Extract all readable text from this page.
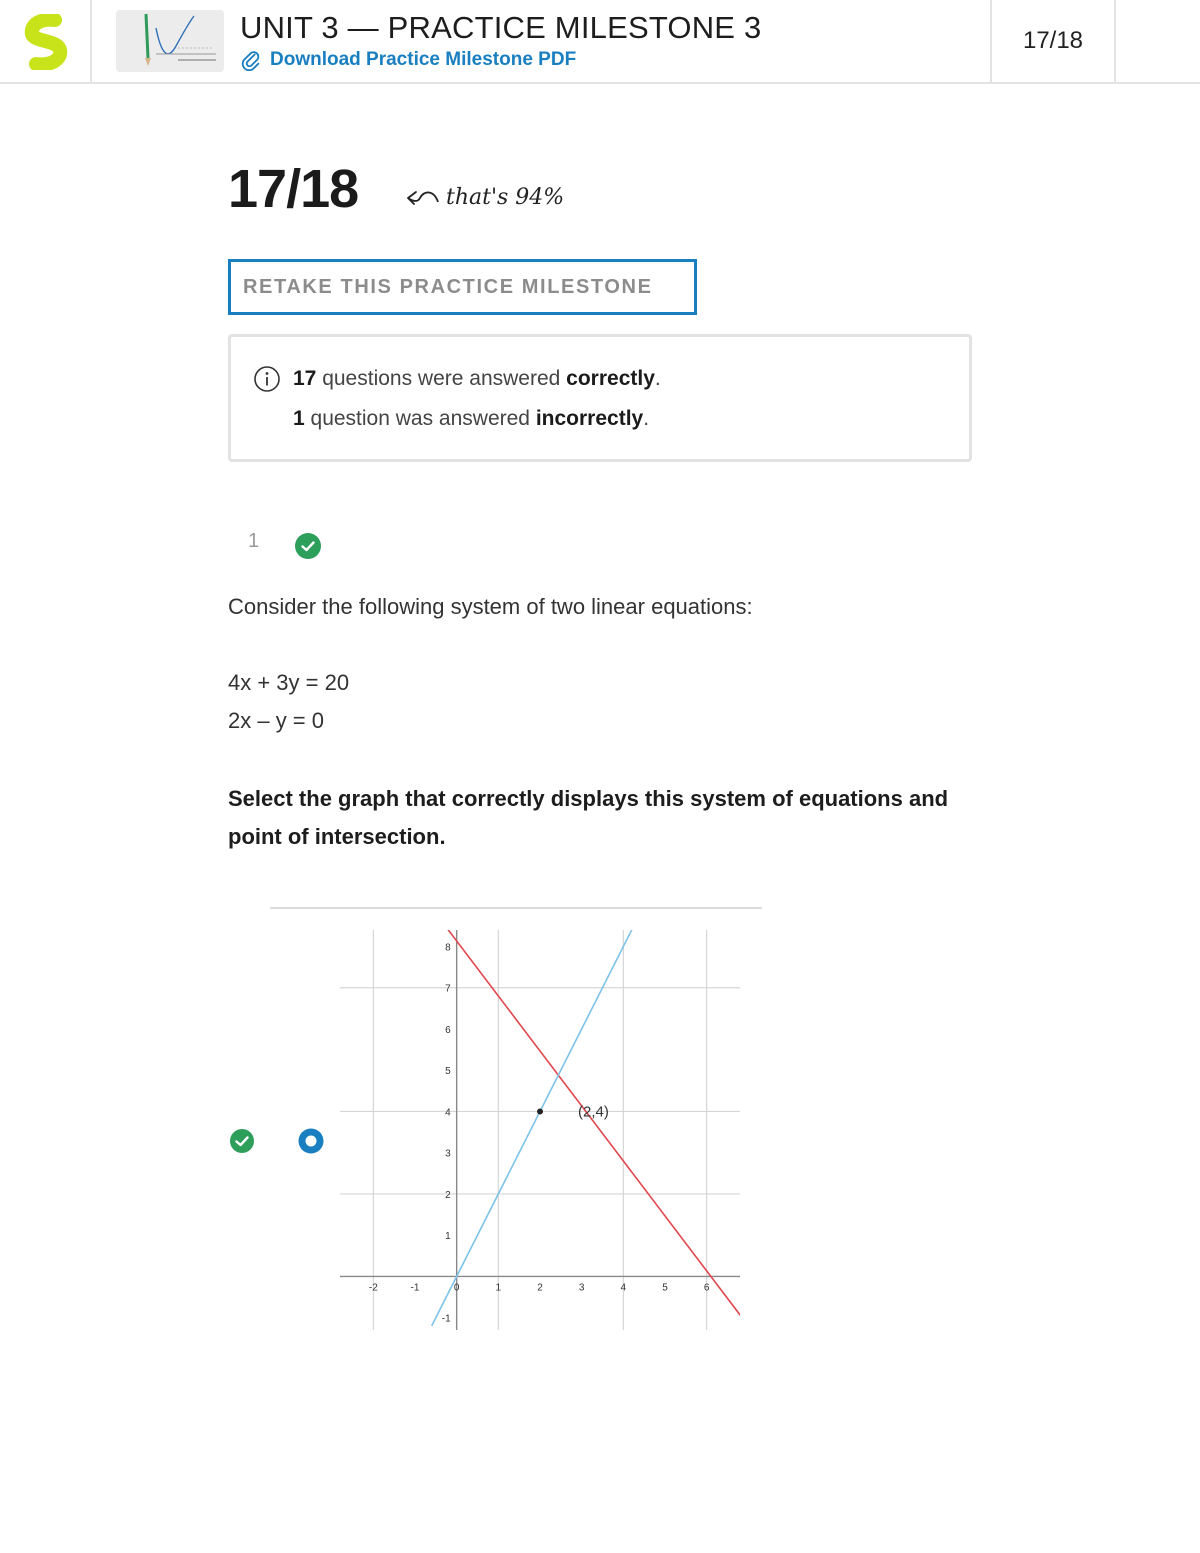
UNIT 3 — PRACTICE MILESTONE 3
Download Practice Milestone PDF
17/18
17/18	that's 94%
RETAKE THIS PRACTICE MILESTONE
17 questions were answered correctly.
1 question was answered incorrectly.
1
Consider the following system of two linear equations:
4x + 3y = 20
2x – y = 0
Select the graph that correctly displays this system of equations and point of intersection.
-2	-1	0	1	2	3	4	5	6
-1
1
2
3
4
5
6
7
8
(2,4)
